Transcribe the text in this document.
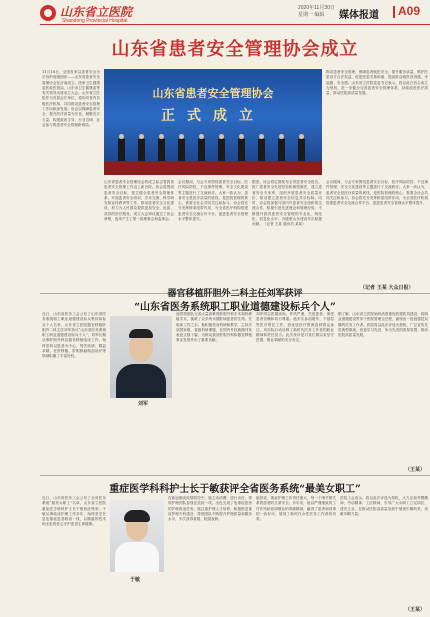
山东省立医院
Shandong Provincial Hospital
2020年11月30日
星期一 编辑	媒体报道 A09
山东省患者安全管理协会成立
11月18日，全国首家以患者安全为宗旨的省级团体——山东省患者安全管理协会在济南成立。国家卫生健康委医政医管局、山东省卫生健康委等有关领导出席成立大会。山东省立医院作为首届会长单位，将协同省内各级医疗机构，共同推动患者安全管理工作向纵深发展。协会以保障患者安全、提升医疗质量为宗旨，凝聚各方力量，构建政府主导、行业自律、社会参与的患者安全管理新格局。
山东省患者安全管理协会
正式成立
推动患者安全管理，保障患者就医安全，提升服务质量，维护医患双方合法权益，促进医患关系和谐，提高群众就医获得感、幸福感、安全感。山东省立医院党委书记表示，将以此次协会成立为契机，进一步健全完善患者安全管理体系，持续改进医疗质量，推动医院高质量发展。
山东省患者安全管理协会的成立标志着我省患者安全管理工作迈上新台阶。协会将围绕患者安全目标，建立健全患者安全管理体系，开展患者安全培训、学术交流、科学研究和宣传教育等工作，推动患者安全文化建设，努力为人民群众提供更加安全、优质、高效的医疗服务。成立大会审议通过了协会章程，选举产生了第一届理事会和监事会。
会议期间，与会专家围绕患者安全目标、医疗风险防控、不良事件管理、安全文化建设等主题进行了交流研讨。大家一致认为，患者安全是医疗质量的底线，是医院管理的核心，需要全社会共同关注和参与。协会将充分发挥桥梁纽带作用，为全省医疗机构搭建患者安全交流合作平台，促进患者安全管理水平整体提升。
据悉，协会将定期发布全省患者安全报告，推广患者安全先进经验和典型做法，建立患者安全专家库，组织开展患者安全质量评价，推动建立患者安全信息共享机制。同时，协会将加强与国内外患者安全组织的交流合作，积极引进先进理念和管理经验，不断提升我省患者安全管理的专业化、规范化、信息化水平，为健康山东建设作出积极贡献。（记者 王某 通讯员 某某）
会议期间，与会专家围绕患者安全目标、医疗风险防控、不良事件管理、安全文化建设等主题进行了交流研讨。大家一致认为，患者安全是医疗质量的底线，是医院管理的核心，需要全社会共同关注和参与。协会将充分发挥桥梁纽带作用，为全省医疗机构搭建患者安全交流合作平台，促进患者安全管理水平整体提升。
（记者 王某 大众日报）
器官移植肝胆外二科主任刘军获评
“山东省医务系统职工职业道德建设标兵个人”
近日，山东省医务工会公布了山东省医务系统职工职业道德建设标兵集体和标兵个人名单，山东省立医院器官移植肝胆外二科主任刘军获评“山东省医务系统职工职业道德建设标兵个人”。刘军长期从事肝胆外科及器官移植临床工作，始终坚持以患者为中心，刻苦钻研、精益求精，在肝移植、肝胆肿瘤微创治疗等领域积累了丰富经验。
刘军
他带领团队完成大量高难度肝胆外科手术和肝移植手术，挽救了众多终末期肝病患者的生命。在临床工作之余，他积极投身科研和教学，主持多项国家级、省级科研课题，在国内外权威期刊发表论文数十篇，为推动我省肝胆外科和器官移植事业发展作出了重要贡献。
刘军同志医德高尚，作风严谨，关爱患者，深受患者信赖和同行尊重。他多次参加援外、下基层等医疗帮扶工作，将优质医疗资源送到群众身边，用实际行动诠释了新时代医务工作者的职业精神和责任担当。此次获评是对其长期以来坚守医德、敬业奉献的充分肯定。
据了解，山东省立医院始终高度重视医德医风建设，将职业道德建设贯穿于医院管理全过程，涌现出一批批德技双馨的医务工作者。医院将以此次评选为契机，广泛宣传先进典型事迹，营造学习先进、争当先进的浓厚氛围，推动医院高质量发展。
（王某）
重症医学科科护士长于敏获评全省医务系统“最美女职工”
近日，山东省医务工会公布了全省医务系统“最美女职工”名单，山东省立医院重症医学科科护士长于敏获此殊荣。于敏从事临床护理工作多年，始终坚守在急危重症患者救治一线，以精湛的技术和无私的爱心守护患者生命健康。
于敏
在新冠肺炎疫情防控中，她主动请缨，逆行出征，带领护理团队奋战在抗疫一线，出色完成了危重症患者的护理救治任务。她注重护理人才培养，积极推进重症护理专科建设，带领团队不断提升护理质量和服务水平，多次获得省级、院级表彰。
她常说，重症护理工作责任重大，每一个细节都关系着患者的生命安全。多年来，她以严谨细致的工作作风和爱岗敬业的奉献精神，赢得了患者和同事的一致好评，展现了新时代女性医务工作者的风采。
医院工会表示，将以此次评选为契机，大力弘扬劳模精神、劳动精神、工匠精神，引导广大女职工立足岗位、建功立业，在推动医院高质量发展中展现巾帼风采，贡献巾帼力量。
（王某）
